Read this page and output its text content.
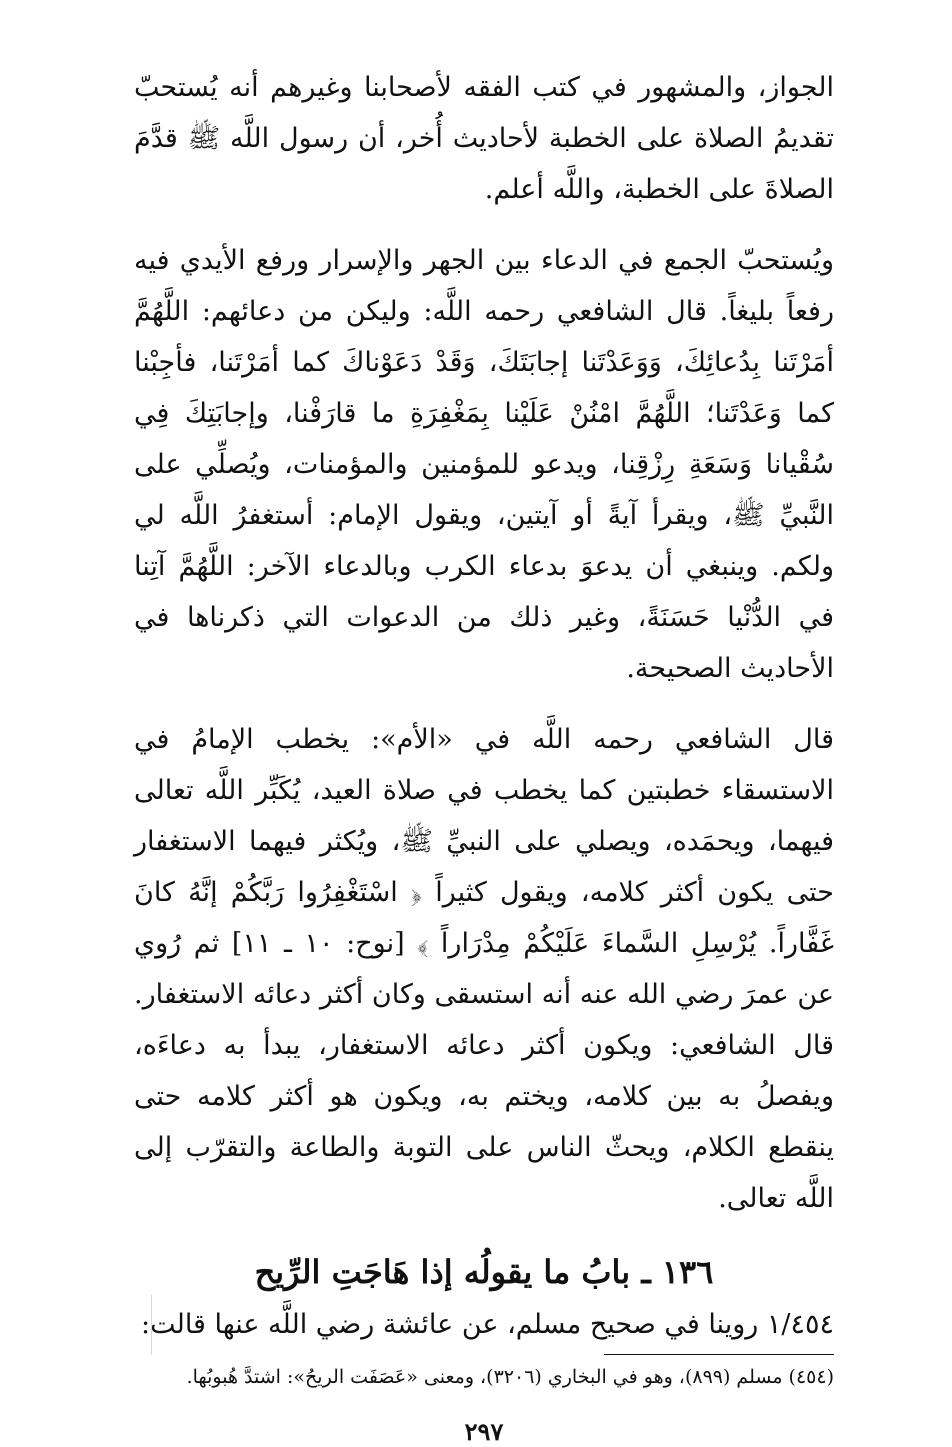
الجواز، والمشهور في كتب الفقه لأصحابنا وغيرهم أنه يُستحبّ تقديمُ الصلاة على الخطبة لأحاديث أُخر، أن رسول اللَّه ﷺ قدَّمَ الصلاةَ على الخطبة، واللَّه أعلم.

ويُستحبّ الجمع في الدعاء بين الجهر والإسرار ورفع الأيدي فيه رفعاً بليغاً. قال الشافعي رحمه اللَّه: وليكن من دعائهم: اللَّهُمَّ أمَرْتَنا بِدُعائِكَ، وَوَعَدْتَنا إجابَتَكَ، وَقَدْ دَعَوْناكَ كما أمَرْتَنا، فأجِبْنا كما وَعَدْتَنا؛ اللَّهُمَّ امْنُنْ عَلَيْنا بِمَغْفِرَةِ ما قارَفْنا، وإجابَتِكَ فِي سُقْيانا وَسَعَةِ رِزْقِنا، ويدعو للمؤمنين والمؤمنات، ويُصلِّي على النَّبيِّ ﷺ، ويقرأ آيةً أو آيتين، ويقول الإمام: أستغفرُ اللَّه لي ولكم. وينبغي أن يدعوَ بدعاء الكرب وبالدعاء الآخر: اللَّهُمَّ آتِنا في الدُّنْيا حَسَنَةً، وغير ذلك من الدعوات التي ذكرناها في الأحاديث الصحيحة.

قال الشافعي رحمه اللَّه في «الأم»: يخطب الإمامُ في الاستسقاء خطبتين كما يخطب في صلاة العيد، يُكَبِّر اللَّه تعالى فيهما، ويحمَده، ويصلي على النبيِّ ﷺ، ويُكثر فيهما الاستغفار حتى يكون أكثر كلامه، ويقول كثيراً ﴿ اسْتَغْفِرُوا رَبَّكُمْ إنَّهُ كانَ غَفَّاراً. يُرْسِلِ السَّماءَ عَلَيْكُمْ مِدْرَاراً ﴾ [نوح: ١٠ ـ ١١] ثم رُوي عن عمرَ رضي الله عنه أنه استسقى وكان أكثر دعائه الاستغفار. قال الشافعي: ويكون أكثر دعائه الاستغفار، يبدأ به دعاءَه، ويفصلُ به بين كلامه، ويختم به، ويكون هو أكثر كلامه حتى ينقطع الكلام، ويحثّ الناس على التوبة والطاعة والتقرّب إلى اللَّه تعالى.

١٣٦ ـ بابُ ما يقولُه إذا هَاجَتِ الرِّيح

١/٤٥٤ روينا في صحيح مسلم، عن عائشة رضي اللَّه عنها قالت:

(٤٥٤) مسلم (٨٩٩)، وهو في البخاري (٣٢٠٦)، ومعنى «عَصَفَت الريحُ»: اشتدَّ هُبوبُها.

٢٩٧
